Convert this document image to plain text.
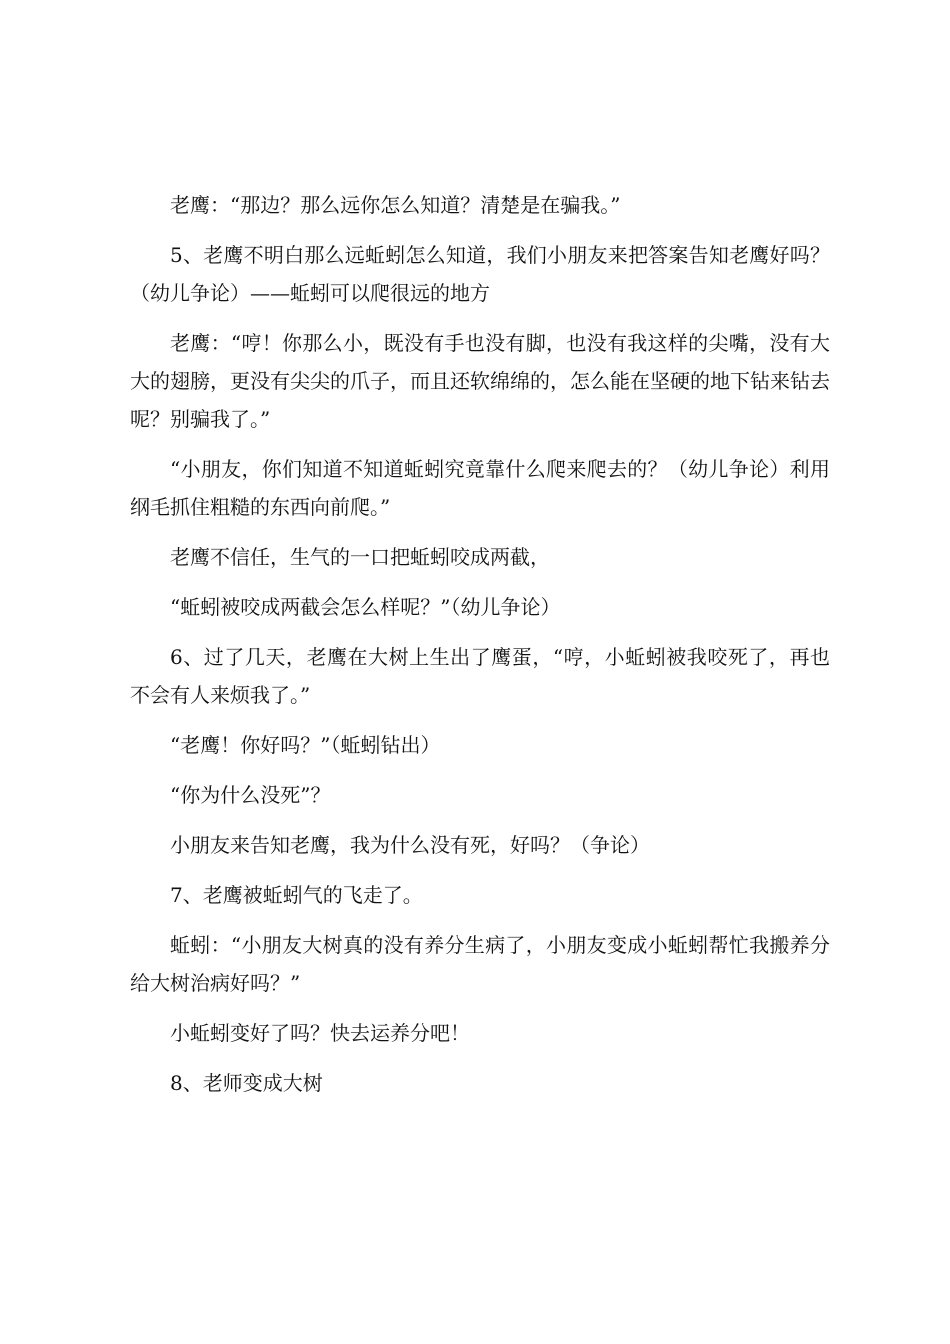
老鹰：“那边？那么远你怎么知道？清楚是在骗我。”

5、老鹰不明白那么远蚯蚓怎么知道，我们小朋友来把答案告知老鹰好吗？（幼儿争论）——蚯蚓可以爬很远的地方

老鹰：“哼！你那么小，既没有手也没有脚，也没有我这样的尖嘴，没有大大的翅膀，更没有尖尖的爪子，而且还软绵绵的，怎么能在坚硬的地下钻来钻去呢？别骗我了。”

“小朋友，你们知道不知道蚯蚓究竟靠什么爬来爬去的？（幼儿争论）利用纲毛抓住粗糙的东西向前爬。”

老鹰不信任，生气的一口把蚯蚓咬成两截，

“蚯蚓被咬成两截会怎么样呢？”（幼儿争论）

6、过了几天，老鹰在大树上生出了鹰蛋，“哼，小蚯蚓被我咬死了，再也不会有人来烦我了。”

“老鹰！你好吗？”（蚯蚓钻出）

“你为什么没死”？

小朋友来告知老鹰，我为什么没有死，好吗？（争论）

7、老鹰被蚯蚓气的飞走了。

蚯蚓：“小朋友大树真的没有养分生病了，小朋友变成小蚯蚓帮忙我搬养分给大树治病好吗？”

小蚯蚓变好了吗？快去运养分吧！

8、老师变成大树
